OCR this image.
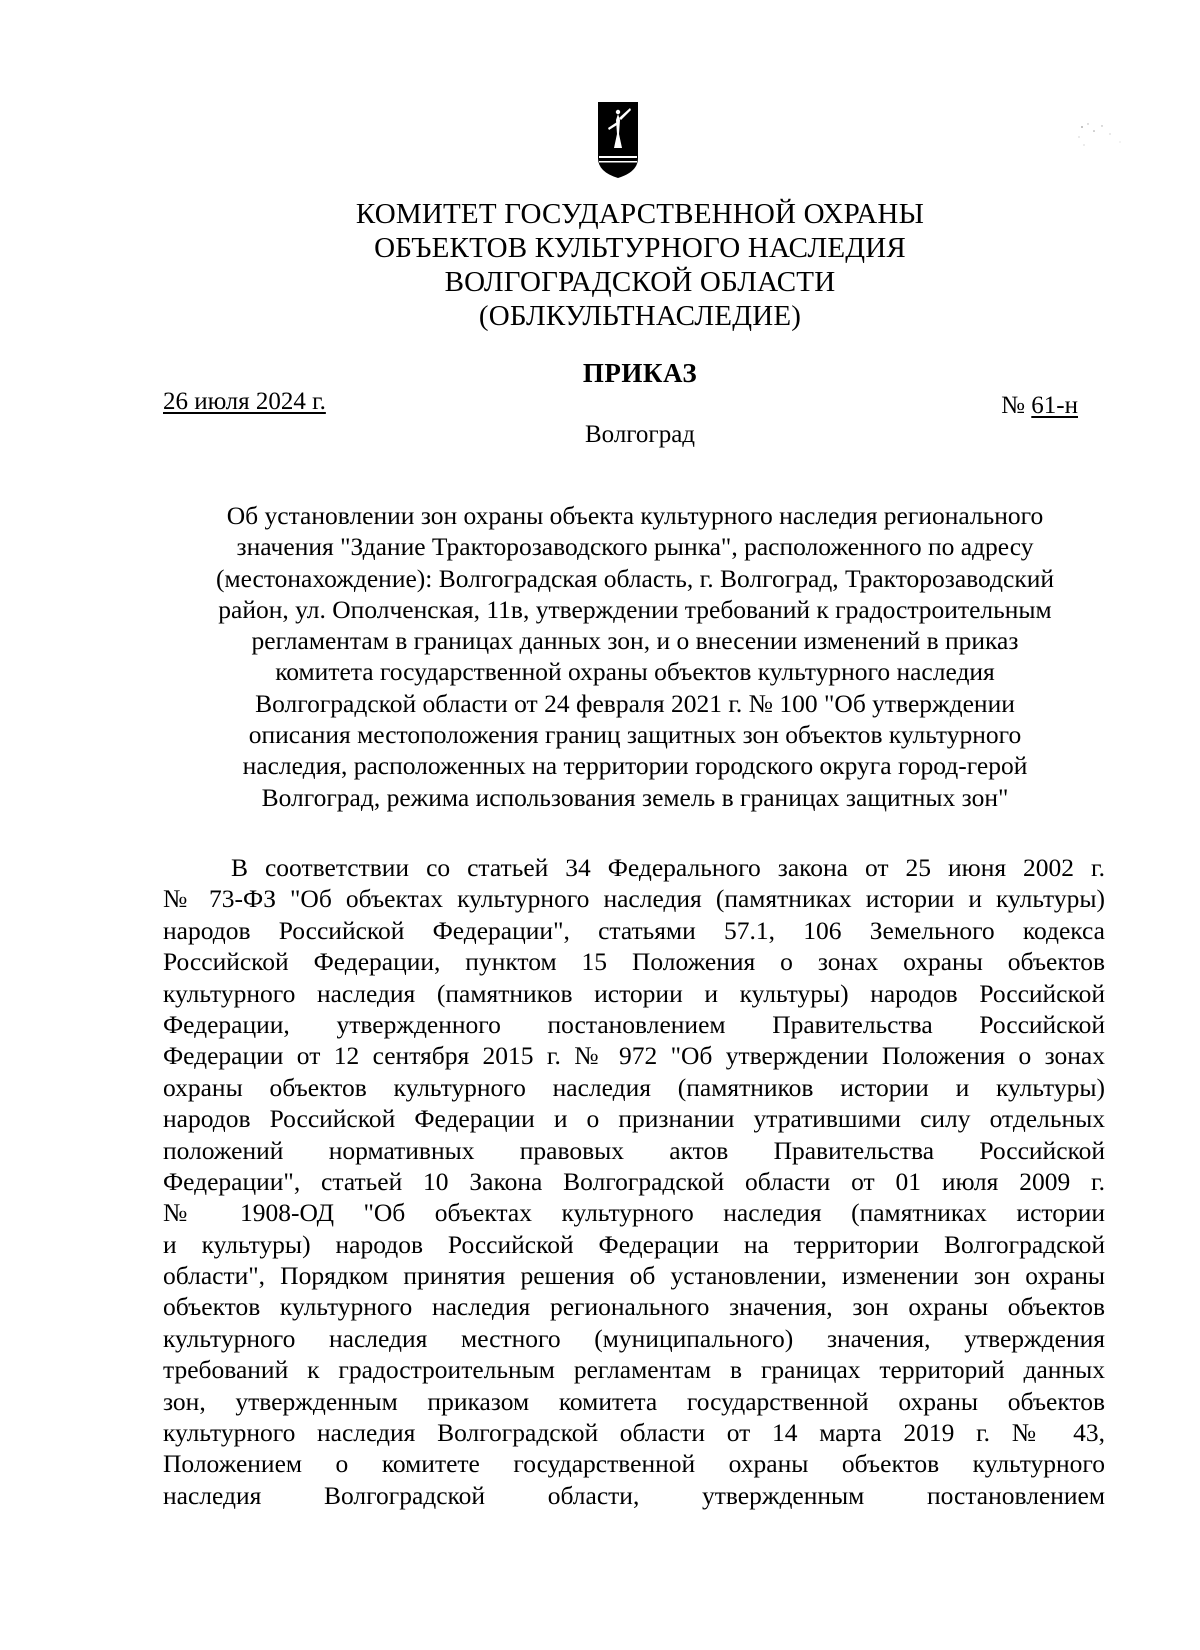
КОМИТЕТ ГОСУДАРСТВЕННОЙ ОХРАНЫ
ОБЪЕКТОВ КУЛЬТУРНОГО НАСЛЕДИЯ
ВОЛГОГРАДСКОЙ ОБЛАСТИ
(ОБЛКУЛЬТНАСЛЕДИЕ)
ПРИКАЗ
26 июля 2024 г.	№ 61-н
Волгоград
Об установлении зон охраны объекта культурного наследия регионального
значения "Здание Тракторозаводского рынка", расположенного по адресу
(местонахождение): Волгоградская область, г. Волгоград, Тракторозаводский
район, ул. Ополченская, 11в, утверждении требований к градостроительным
регламентам в границах данных зон, и о внесении изменений в приказ
комитета государственной охраны объектов культурного наследия
Волгоградской области от 24 февраля 2021 г. № 100 "Об утверждении
описания местоположения границ защитных зон объектов культурного
наследия, расположенных на территории городского округа город-герой
Волгоград, режима использования земель в границах защитных зон"
В соответствии со статьей 34 Федерального закона от 25 июня 2002 г.
№ 73-ФЗ "Об объектах культурного наследия (памятниках истории и культуры)
народов Российской Федерации", статьями 57.1, 106 Земельного кодекса
Российской Федерации, пунктом 15 Положения о зонах охраны объектов
культурного наследия (памятников истории и культуры) народов Российской
Федерации, утвержденного постановлением Правительства Российской
Федерации от 12 сентября 2015 г. № 972 "Об утверждении Положения о зонах
охраны объектов культурного наследия (памятников истории и культуры)
народов Российской Федерации и о признании утратившими силу отдельных
положений нормативных правовых актов Правительства Российской
Федерации", статьей 10 Закона Волгоградской области от 01 июля 2009 г.
№ 1908-ОД "Об объектах культурного наследия (памятниках истории
и культуры) народов Российской Федерации на территории Волгоградской
области", Порядком принятия решения об установлении, изменении зон охраны
объектов культурного наследия регионального значения, зон охраны объектов
культурного наследия местного (муниципального) значения, утверждения
требований к градостроительным регламентам в границах территорий данных
зон, утвержденным приказом комитета государственной охраны объектов
культурного наследия Волгоградской области от 14 марта 2019 г. № 43,
Положением о комитете государственной охраны объектов культурного
наследия Волгоградской области, утвержденным постановлением
